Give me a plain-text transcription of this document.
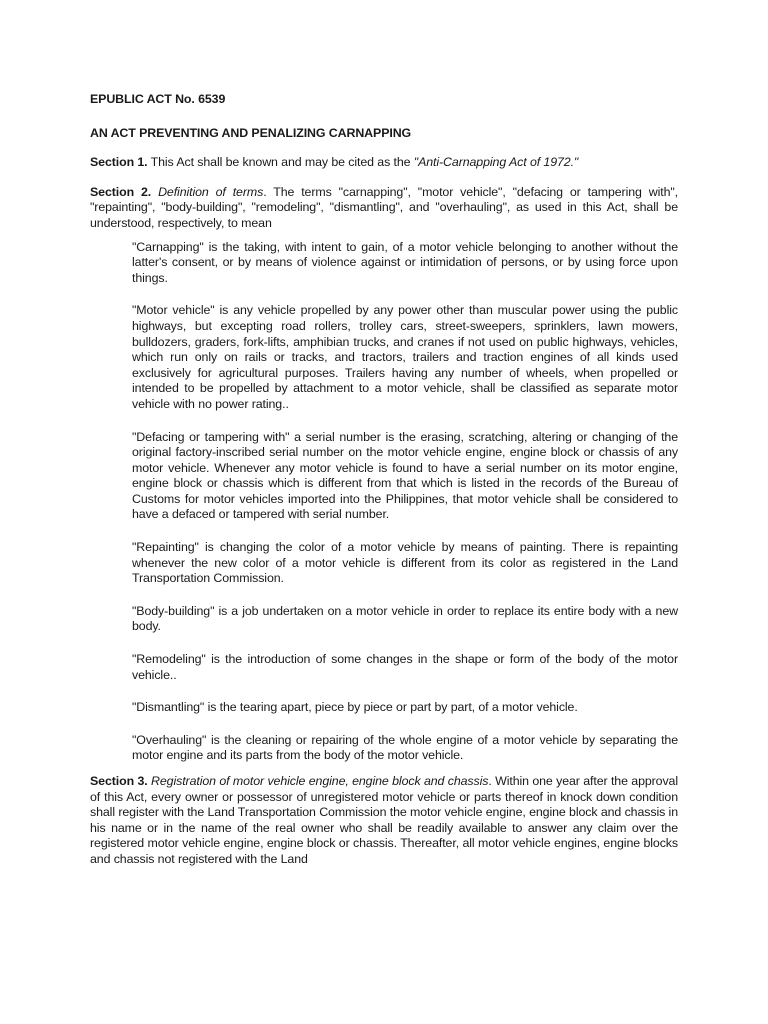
EPUBLIC ACT No. 6539

AN ACT PREVENTING AND PENALIZING CARNAPPING

Section 1. This Act shall be known and may be cited as the "Anti-Carnapping Act of 1972."

Section 2. Definition of terms. The terms "carnapping", "motor vehicle", "defacing or tampering with", "repainting", "body-building", "remodeling", "dismantling", and "overhauling", as used in this Act, shall be understood, respectively, to mean

"Carnapping" is the taking, with intent to gain, of a motor vehicle belonging to another without the latter's consent, or by means of violence against or intimidation of persons, or by using force upon things.

"Motor vehicle" is any vehicle propelled by any power other than muscular power using the public highways, but excepting road rollers, trolley cars, street-sweepers, sprinklers, lawn mowers, bulldozers, graders, fork-lifts, amphibian trucks, and cranes if not used on public highways, vehicles, which run only on rails or tracks, and tractors, trailers and traction engines of all kinds used exclusively for agricultural purposes. Trailers having any number of wheels, when propelled or intended to be propelled by attachment to a motor vehicle, shall be classified as separate motor vehicle with no power rating..

"Defacing or tampering with" a serial number is the erasing, scratching, altering or changing of the original factory-inscribed serial number on the motor vehicle engine, engine block or chassis of any motor vehicle. Whenever any motor vehicle is found to have a serial number on its motor engine, engine block or chassis which is different from that which is listed in the records of the Bureau of Customs for motor vehicles imported into the Philippines, that motor vehicle shall be considered to have a defaced or tampered with serial number.

"Repainting" is changing the color of a motor vehicle by means of painting. There is repainting whenever the new color of a motor vehicle is different from its color as registered in the Land Transportation Commission.

"Body-building" is a job undertaken on a motor vehicle in order to replace its entire body with a new body.

"Remodeling" is the introduction of some changes in the shape or form of the body of the motor vehicle..

"Dismantling" is the tearing apart, piece by piece or part by part, of a motor vehicle.

"Overhauling" is the cleaning or repairing of the whole engine of a motor vehicle by separating the motor engine and its parts from the body of the motor vehicle.

Section 3. Registration of motor vehicle engine, engine block and chassis. Within one year after the approval of this Act, every owner or possessor of unregistered motor vehicle or parts thereof in knock down condition shall register with the Land Transportation Commission the motor vehicle engine, engine block and chassis in his name or in the name of the real owner who shall be readily available to answer any claim over the registered motor vehicle engine, engine block or chassis. Thereafter, all motor vehicle engines, engine blocks and chassis not registered with the Land
